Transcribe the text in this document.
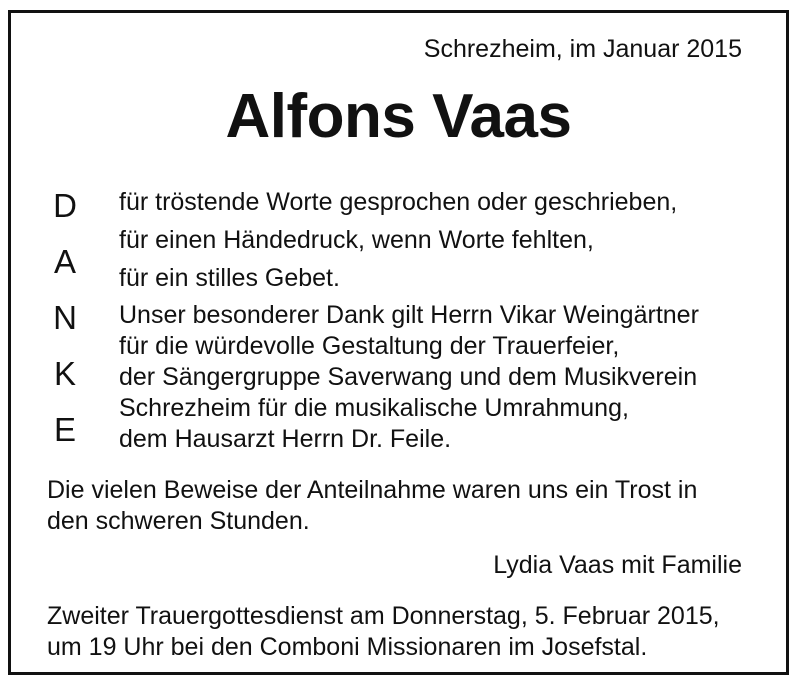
Schrezheim, im Januar 2015
Alfons Vaas
D
A
N
K
E
für tröstende Worte gesprochen oder geschrieben,
für einen Händedruck, wenn Worte fehlten,
für ein stilles Gebet.
Unser besonderer Dank gilt Herrn Vikar Weingärtner
für die würdevolle Gestaltung der Trauerfeier,
der Sängergruppe Saverwang und dem Musikverein
Schrezheim für die musikalische Umrahmung,
dem Hausarzt Herrn Dr. Feile.
Die vielen Beweise der Anteilnahme waren uns ein Trost in
den schweren Stunden.
Lydia Vaas mit Familie
Zweiter Trauergottesdienst am Donnerstag, 5. Februar 2015,
um 19 Uhr bei den Comboni Missionaren im Josefstal.
